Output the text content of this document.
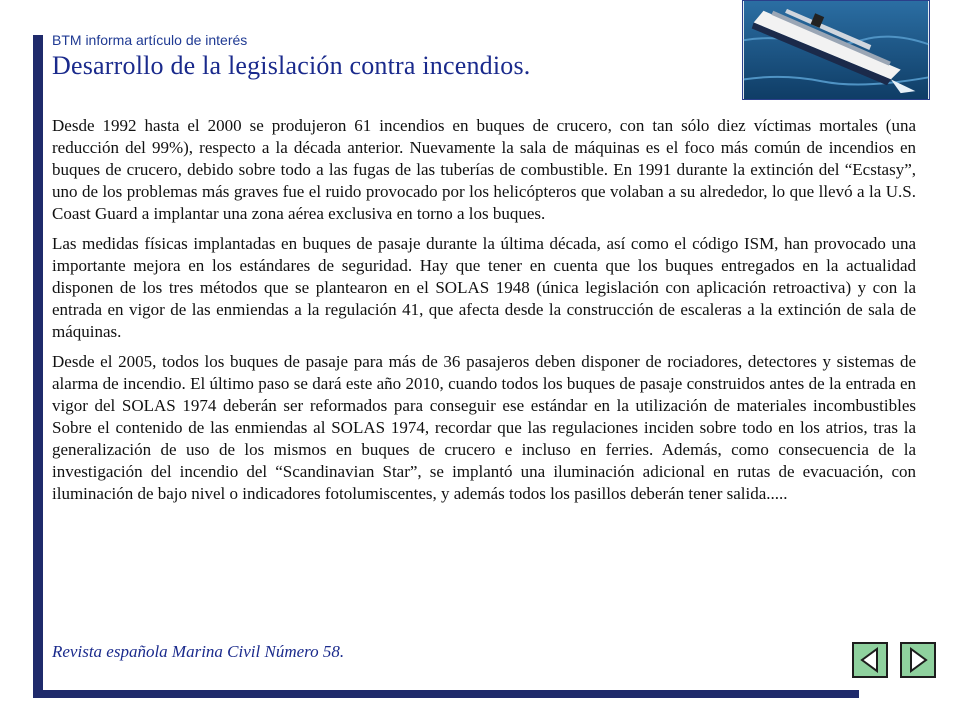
BTM informa artículo de interés
Desarrollo de la legislación contra incendios.

Desde 1992 hasta el 2000 se produjeron 61 incendios en buques de crucero, con tan sólo diez víctimas mortales (una reducción del 99%), respecto a la década anterior. Nuevamente la sala de máquinas es el foco más común de incendios en buques de crucero, debido sobre todo a las fugas de las tuberías de combustible. En 1991 durante la extinción del “Ecstasy”, uno de los problemas más graves fue el ruido provocado por los helicópteros que volaban a su alrededor, lo que llevó a la U.S. Coast Guard a implantar una zona aérea exclusiva en torno a los buques.

Las medidas físicas implantadas en buques de pasaje durante la última década, así como el código ISM, han provocado una importante mejora en los estándares de seguridad. Hay que tener en cuenta que los buques entregados en la actualidad disponen de los tres métodos que se plantearon en el SOLAS 1948 (única legislación con aplicación retroactiva) y con la entrada en vigor de las enmiendas a la regulación 41, que afecta desde la construcción de escaleras a la extinción de sala de máquinas.

Desde el 2005, todos los buques de pasaje para más de 36 pasajeros deben disponer de rociadores, detectores y sistemas de alarma de incendio. El último paso se dará este año 2010, cuando todos los buques de pasaje construidos antes de la entrada en vigor del SOLAS 1974 deberán ser reformados para conseguir ese estándar en la utilización de materiales incombustibles Sobre el contenido de las enmiendas al SOLAS 1974, recordar que las regulaciones inciden sobre todo en los atrios, tras la generalización de uso de los mismos en buques de crucero e incluso en ferries. Además, como consecuencia de la investigación del incendio del “Scandinavian Star”, se implantó una iluminación adicional en rutas de evacuación, con iluminación de bajo nivel o indicadores fotolumiscentes, y además todos los pasillos deberán tener salida.....

Revista española Marina Civil Número 58.
